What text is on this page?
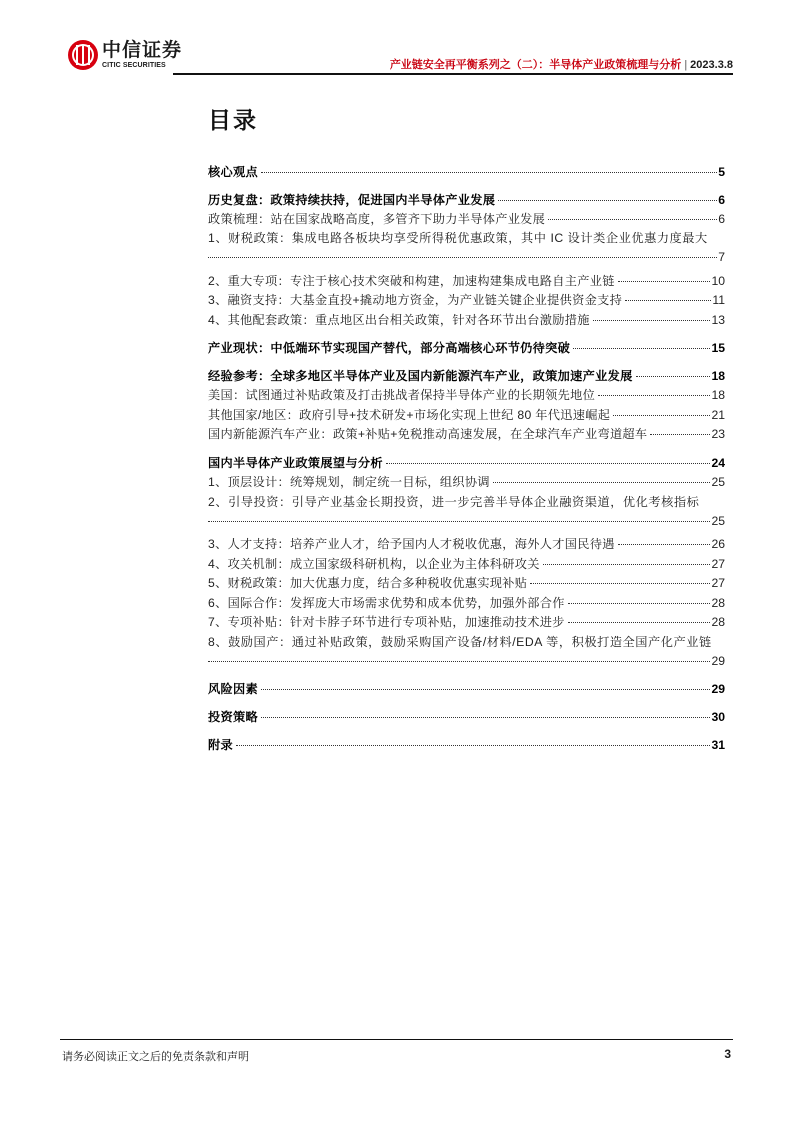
中信证券
CITIC SECURITIES	产业链安全再平衡系列之（二）：半导体产业政策梳理与分析 | 2023.3.8
目录
核心观点	5
历史复盘：政策持续扶持，促进国内半导体产业发展	6
政策梳理：站在国家战略高度，多管齐下助力半导体产业发展	6
1、财税政策：集成电路各板块均享受所得税优惠政策，其中 IC 设计类企业优惠力度最大
7
2、重大专项：专注于核心技术突破和构建，加速构建集成电路自主产业链	10
3、融资支持：大基金直投+撬动地方资金，为产业链关键企业提供资金支持	11
4、其他配套政策：重点地区出台相关政策，针对各环节出台激励措施	13
产业现状：中低端环节实现国产替代，部分高端核心环节仍待突破	15
经验参考：全球多地区半导体产业及国内新能源汽车产业，政策加速产业发展	18
美国：试图通过补贴政策及打击挑战者保持半导体产业的长期领先地位	18
其他国家/地区：政府引导+技术研发+市场化实现上世纪 80 年代迅速崛起	21
国内新能源汽车产业：政策+补贴+免税推动高速发展，在全球汽车产业弯道超车	23
国内半导体产业政策展望与分析	24
1、顶层设计：统筹规划，制定统一目标，组织协调	25
2、引导投资：引导产业基金长期投资，进一步完善半导体企业融资渠道，优化考核指标
25
3、人才支持：培养产业人才，给予国内人才税收优惠，海外人才国民待遇	26
4、攻关机制：成立国家级科研机构，以企业为主体科研攻关	27
5、财税政策：加大优惠力度，结合多种税收优惠实现补贴	27
6、国际合作：发挥庞大市场需求优势和成本优势，加强外部合作	28
7、专项补贴：针对卡脖子环节进行专项补贴，加速推动技术进步	28
8、鼓励国产：通过补贴政策，鼓励采购国产设备/材料/EDA 等，积极打造全国产化产业链
29
风险因素	29
投资策略	30
附录	31
请务必阅读正文之后的免责条款和声明	3
